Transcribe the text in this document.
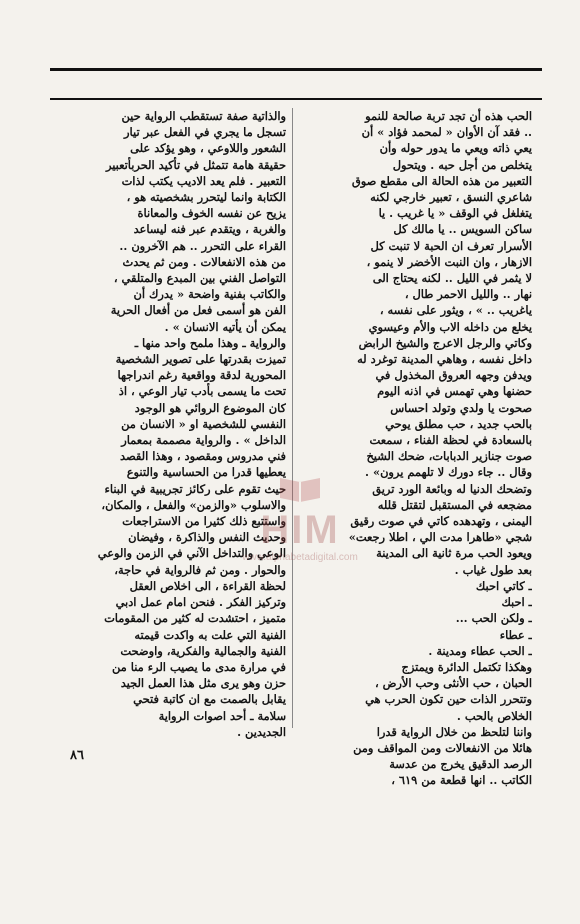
الحب هذه أن تجد تربة صالحة للنمو

.. فقد آن الأوان « لمحمد فؤاد » أن

يعي ذاته ويعي ما يدور حوله وأن

يتخلص من أجل حبه . ويتحول

التعبير من هذه الحالة الى مقطع صوق

شاعري النسق ، تعبير خارجي لكنه

يتغلغل في الوقف « يا غريب . يا

ساكن السويس .. يا مالك كل

الأسرار تعرف ان الحبة لا تنبت كل

الازهار ، وان النبت الأخضر لا ينمو ،

لا يثمر في الليل .. لكنه يحتاج الى

نهار .. والليل الاحمر طال ،

ياغريب .. » ، ويثور على نفسه ،

يخلع من داخله الاب والأم وعيسوي

وكاتي والرجل الاعرج والشيخ الرابض

داخل نفسه ، وهاهي المدينة توغرد له

ويدفن وجهه العروق المخذول في

حضنها وهي تهمس في اذنه اليوم

صحوت يا ولدي وتولد احساس

بالحب جديد ، حب مطلق يوحي

بالسعادة في لحظة الفناء ، سمعت

صوت جنازير الدبابات، ضحك الشيخ

وقال .. جاء دورك لا تلهمم يرون» .

وتضحك الدنيا له وبائعة الورد تريق

مضجعه في المستقبل لتقتل قلله

اليمنى ، وتهدهده كاتي في صوت رقيق

شجي «طاهرا مدت الي ، اطلا رجعت»

ويعود الحب مرة ثانية الى المدينة

بعد طول غياب .

ـ كاتي احبك

ـ احبك

ـ ولكن الحب ...

ـ عطاء

ـ الحب عطاء ومدينة .

وهكذا تكتمل الدائرة ويمتزج

الحبان ، حب الأنثى وحب الأرض ،

وتتحرر الذات حين تكون الحرب هي

الخلاص بالحب .

واننا لتلحظ من خلال الرواية قدرا

هائلا من الانفعالات ومن المواقف ومن

الرصد الدقيق يخرج من عدسة

الكاتب .. انها قطعة من ٦١٩ ،

والذاتية صفة تستقطب الرواية حين

تسجل ما يجري في الفعل عبر تيار

الشعور واللاوعي ، وهو يؤكد على

حقيقة هامة تتمثل في تأكيد الحربأتعبير

التعبير . فلم يعد الاديب يكتب لذات

الكتابة وانما ليتحرر بشخصيته هو ،

يزيح عن نفسه الخوف والمعاناة

والغربة ، ويتقدم عبر فنه ليساعد

القراء على التحرر .. هم الآخرون ..

من هذه الانفعالات . ومن ثم يحدث

التواصل الفني بين المبدع والمتلقي ،

والكاتب بفنية واضحة « يدرك أن

الفن هو أسمى فعل من أفعال الحرية

يمكن أن يأتيه الانسان » .

والرواية ـ وهذا ملمح واحد منها ـ

تميزت بقدرتها على تصوير الشخصية

المحورية لدقة وواقعية رغم اندراجها

تحت ما يسمى بأدب تيار الوعي ، اذ

كان الموضوع الروائي هو الوجود

النفسي للشخصية او « الانسان من

الداخل » . والرواية مصممة بمعمار

فني مدروس ومقصود ، وهذا القصد

يعطيها قدرا من الحساسية والتنوع

حيث تقوم على ركائز تجريبية في البناء

والاسلوب «والزمن» والفعل ، والمكان،

واستتبع ذلك كثيرا من الاستراجعات

وحديث النفس والذاكرة ، وفيضان

الوعي والتداخل الآني في الزمن والوعي

والحوار . ومن ثم فالرواية في حاجة،

لحظة القراءة ، الى اخلاص العقل

وتركيز الفكر . فنحن امام عمل ادبي

متميز ، احتشدت له كثير من المقومات

الفنية التي علت به واكدت قيمته

الفنية والجمالية والفكرية، واوضحت

في مرارة مدى ما يصيب الرء منا من

حزن وهو يرى مثل هذا العمل الجيد

يقابل بالصمت مع ان كاتبة فتحي

سلامة ـ أحد اصوات الرواية

الجديدين .

٨٦
HIM
www.alphabetadigital.com
